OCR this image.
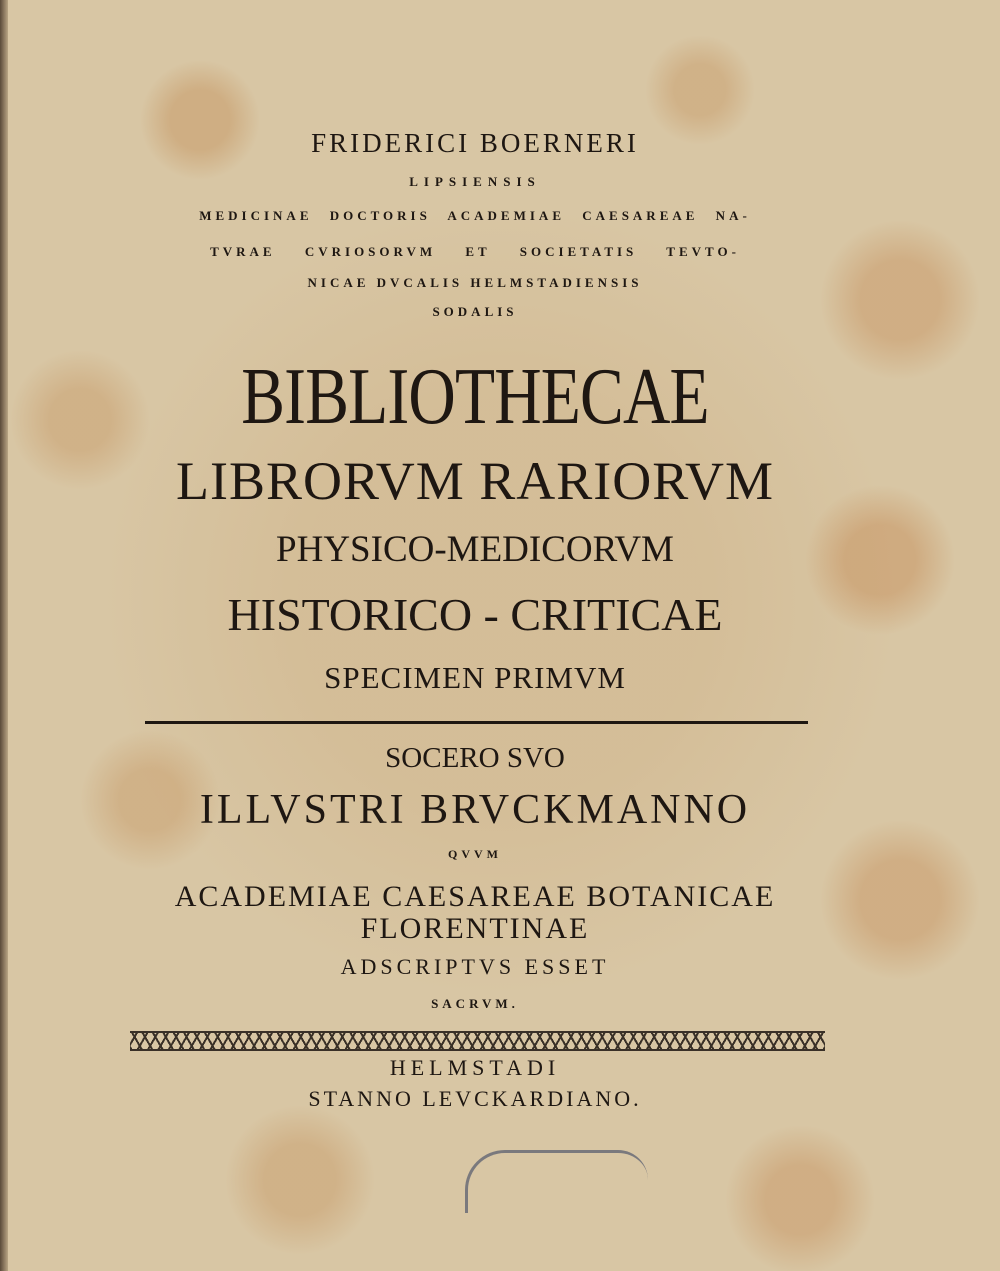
FRIDERICI BOERNERI
LIPSIENSIS
MEDICINAE DOCTORIS ACADEMIAE CAESAREAE NA-
TVRAE CVRIOSORVM ET SOCIETATIS TEVTO-
NICAE DVCALIS HELMSTADIENSIS
SODALIS
BIBLIOTHECAE
LIBRORVM RARIORVM
PHYSICO-MEDICORVM
HISTORICO - CRITICAE
SPECIMEN PRIMVM
SOCERO SVO
ILLVSTRI BRVCKMANNO
QVVM
ACADEMIAE CAESAREAE BOTANICAE
FLORENTINAE
ADSCRIPTVS ESSET
SACRVM.
HELMSTADI
STANNO LEVCKARDIANO.
